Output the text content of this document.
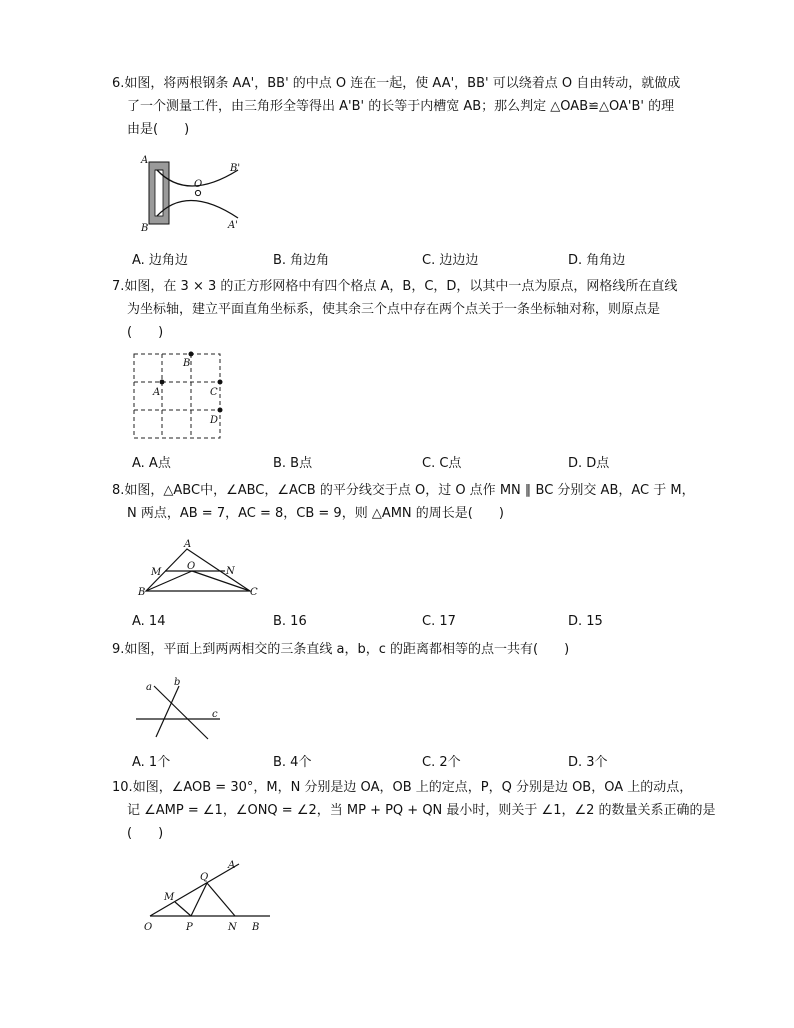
6.如图，将两根钢条 AA'，BB' 的中点 O 连在一起，使 AA'，BB' 可以绕着点 O 自由转动，就做成
了一个测量工件，由三角形全等得出 A'B' 的长等于内槽宽 AB；那么判定 △OAB≌△OA'B' 的理
由是(　　)
A
B
O
B'
A'
A. 边角边	B. 角边角	C. 边边边	D. 角角边
7.如图，在 3 × 3 的正方形网格中有四个格点 A，B，C，D，以其中一点为原点，网格线所在直线
为坐标轴，建立平面直角坐标系，使其余三个点中存在两个点关于一条坐标轴对称，则原点是
(　　)
B
A	C
D
A. A点	B. B点	C. C点	D. D点
8.如图，△ABC中，∠ABC，∠ACB 的平分线交于点 O，过 O 点作 MN ∥ BC 分别交 AB，AC 于 M，
N 两点，AB = 7，AC = 8，CB = 9，则 △AMN 的周长是(　　)
A
M
O	N
B	C
A. 14	B. 16	C. 17	D. 15
9.如图，平面上到两两相交的三条直线 a，b，c 的距离都相等的点一共有(　　)
a b
c
A. 1个	B. 4个	C. 2个	D. 3个
10.如图，∠AOB = 30°，M，N 分别是边 OA，OB 上的定点，P，Q 分别是边 OB，OA 上的动点，
记 ∠AMP = ∠1，∠ONQ = ∠2，当 MP + PQ + QN 最小时，则关于 ∠1，∠2 的数量关系正确的是
(　　)
A
Q
M
O	P	N B
